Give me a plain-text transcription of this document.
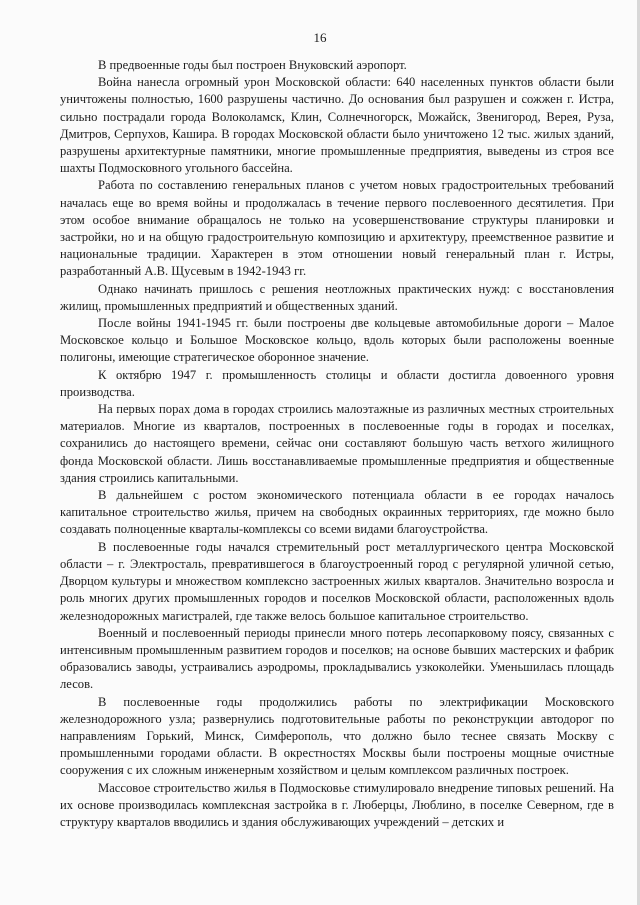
16

В предвоенные годы был построен Внуковский аэропорт.

Война нанесла огромный урон Московской области: 640 населенных пунктов области были уничтожены полностью, 1600 разрушены частично. До основания был разрушен и сожжен г. Истра, сильно пострадали города Волоколамск, Клин, Солнечногорск, Можайск, Звенигород, Верея, Руза, Дмитров, Серпухов, Кашира. В городах Московской области было уничтожено 12 тыс. жилых зданий, разрушены архитектурные памятники, многие промышленные предприятия, выведены из строя все шахты Подмосковного угольного бассейна.

Работа по составлению генеральных планов с учетом новых градостроительных требований началась еще во время войны и продолжалась в течение первого послевоенного десятилетия. При этом особое внимание обращалось не только на усовершенствование структуры планировки и застройки, но и на общую градостроительную композицию и архитектуру, преемственное развитие и национальные традиции. Характерен в этом отношении новый генеральный план г. Истры, разработанный А.В. Щусевым в 1942-1943 гг.

Однако начинать пришлось с решения неотложных практических нужд: с восстановления жилищ, промышленных предприятий и общественных зданий.

После войны 1941-1945 гг. были построены две кольцевые автомобильные дороги – Малое Московское кольцо и Большое Московское кольцо, вдоль которых были расположены военные полигоны, имеющие стратегическое оборонное значение.

К октябрю 1947 г. промышленность столицы и области достигла довоенного уровня производства.

На первых порах дома в городах строились малоэтажные из различных местных строительных материалов. Многие из кварталов, построенных в послевоенные годы в городах и поселках, сохранились до настоящего времени, сейчас они составляют большую часть ветхого жилищного фонда Московской области. Лишь восстанавливаемые промышленные предприятия и общественные здания строились капитальными.

В дальнейшем с ростом экономического потенциала области в ее городах началось капитальное строительство жилья, причем на свободных окраинных территориях, где можно было создавать полноценные кварталы-комплексы со всеми видами благоустройства.

В послевоенные годы начался стремительный рост металлургического центра Московской области – г. Электросталь, превратившегося в благоустроенный город с регулярной уличной сетью, Дворцом культуры и множеством комплексно застроенных жилых кварталов. Значительно возросла и роль многих других промышленных городов и поселков Московской области, расположенных вдоль железнодорожных магистралей, где также велось большое капитальное строительство.

Военный и послевоенный периоды принесли много потерь лесопарковому поясу, связанных с интенсивным промышленным развитием городов и поселков; на основе бывших мастерских и фабрик образовались заводы, устраивались аэродромы, прокладывались узкоколейки. Уменьшилась площадь лесов.

В послевоенные годы продолжились работы по электрификации Московского железнодорожного узла; развернулись подготовительные работы по реконструкции автодорог по направлениям Горький, Минск, Симферополь, что должно было теснее связать Москву с промышленными городами области. В окрестностях Москвы были построены мощные очистные сооружения с их сложным инженерным хозяйством и целым комплексом различных построек.

Массовое строительство жилья в Подмосковье стимулировало внедрение типовых решений. На их основе производилась комплексная застройка в г. Люберцы, Люблино, в поселке Северном, где в структуру кварталов вводились и здания обслуживающих учреждений – детских и
